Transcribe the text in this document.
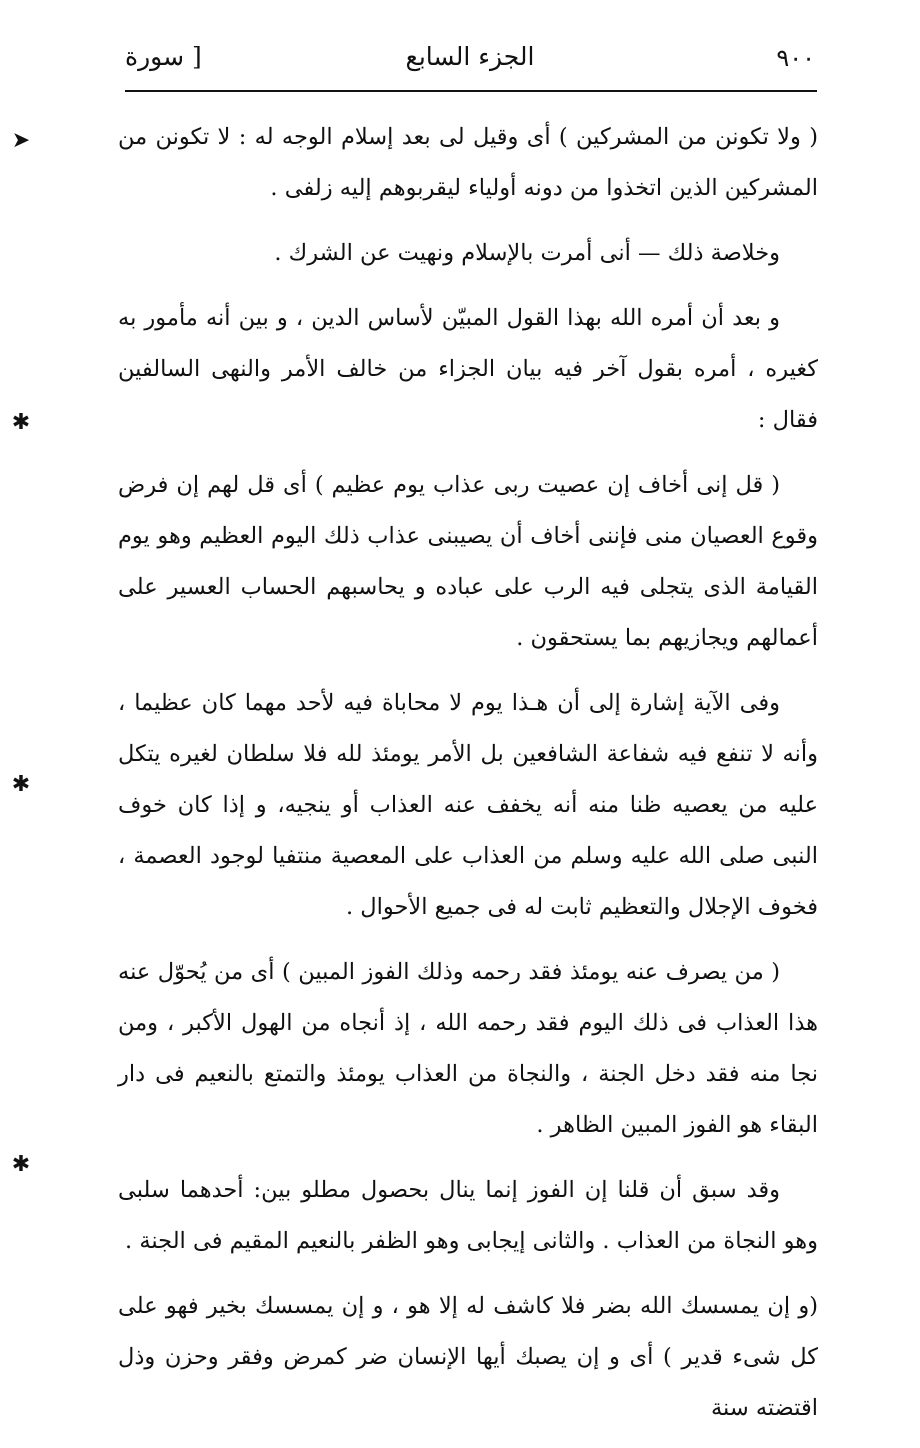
٩٠٠
الجزء السابع
[ سورة

( ولا تكونن من المشركين ) أى وقيل لى بعد إسلام الوجه له : لا تكونن من المشركين الذين اتخذوا من دونه أولياء ليقربوهم إليه زلفى .

وخلاصة ذلك — أنى أمرت بالإسلام ونهيت عن الشرك .

و بعد أن أمره الله بهذا القول المبيّن لأساس الدين ، و بين أنه مأمور به كغيره ، أمره بقول آخر فيه بيان الجزاء من خالف الأمر والنهى السالفين فقال :

( قل إنى أخاف إن عصيت ربى عذاب يوم عظيم ) أى قل لهم إن فرض وقوع العصيان منى فإننى أخاف أن يصيبنى عذاب ذلك اليوم العظيم وهو يوم القيامة الذى يتجلى فيه الرب على عباده و يحاسبهم الحساب العسير على أعمالهم ويجازيهم بما يستحقون .

وفى الآية إشارة إلى أن هـذا يوم لا محاباة فيه لأحد مهما كان عظيما ، وأنه لا تنفع فيه شفاعة الشافعين بل الأمر يومئذ لله فلا سلطان لغيره يتكل عليه من يعصيه ظنا منه أنه يخفف عنه العذاب أو ينجيه، و إذا كان خوف النبى صلى الله عليه وسلم من العذاب على المعصية منتفيا لوجود العصمة ، فخوف الإجلال والتعظيم ثابت له فى جميع الأحوال .

( من يصرف عنه يومئذ فقد رحمه وذلك الفوز المبين ) أى من يُحوّل عنه هذا العذاب فى ذلك اليوم فقد رحمه الله ، إذ أنجاه من الهول الأكبر ، ومن نجا منه فقد دخل الجنة ، والنجاة من العذاب يومئذ والتمتع بالنعيم فى دار البقاء هو الفوز المبين الظاهر .

وقد سبق أن قلنا إن الفوز إنما ينال بحصول مطلو بين: أحدهما سلبى وهو النجاة من العذاب . والثانى إيجابى وهو الظفر بالنعيم المقيم فى الجنة .

(و إن يمسسك الله بضر فلا كاشف له إلا هو ، و إن يمسسك بخير فهو على كل شىء قدير ) أى و إن يصبك أيها الإنسان ضر كمرض وفقر وحزن وذل اقتضته سنة

➤
✱
✱
✱
